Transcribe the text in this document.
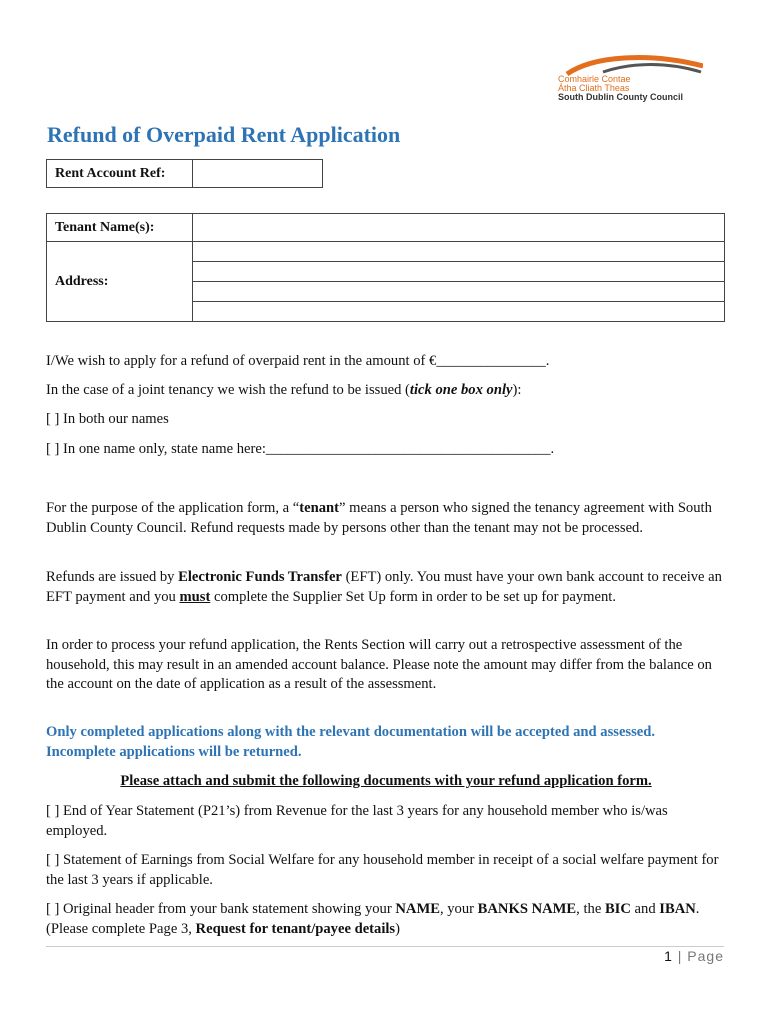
Comhairle Contae
Átha Cliath Theas
South Dublin County Council
Refund of Overpaid Rent Application
Rent Account Ref:	
Tenant Name(s):	
Address:	

I/We wish to apply for a refund of overpaid rent in the amount of €_______________.

In the case of a joint tenancy we wish the refund to be issued (tick one box only):

[ ] In both our names

[ ] In one name only, state name here:_______________________________________.

For the purpose of the application form, a “tenant” means a person who signed the tenancy agreement with South Dublin County Council. Refund requests made by persons other than the tenant may not be processed.

Refunds are issued by Electronic Funds Transfer (EFT) only. You must have your own bank account to receive an EFT payment and you must complete the Supplier Set Up form in order to be set up for payment.

In order to process your refund application, the Rents Section will carry out a retrospective assessment of the household, this may result in an amended account balance. Please note the amount may differ from the balance on the account on the date of application as a result of the assessment.

Only completed applications along with the relevant documentation will be accepted and assessed. Incomplete applications will be returned.

Please attach and submit the following documents with your refund application form.

[ ] End of Year Statement (P21’s) from Revenue for the last 3 years for any household member who is/was employed.

[ ] Statement of Earnings from Social Welfare for any household member in receipt of a social welfare payment for the last 3 years if applicable.

[ ] Original header from your bank statement showing your NAME, your BANKS NAME, the BIC and IBAN. (Please complete Page 3, Request for tenant/payee details)

1 | Page
